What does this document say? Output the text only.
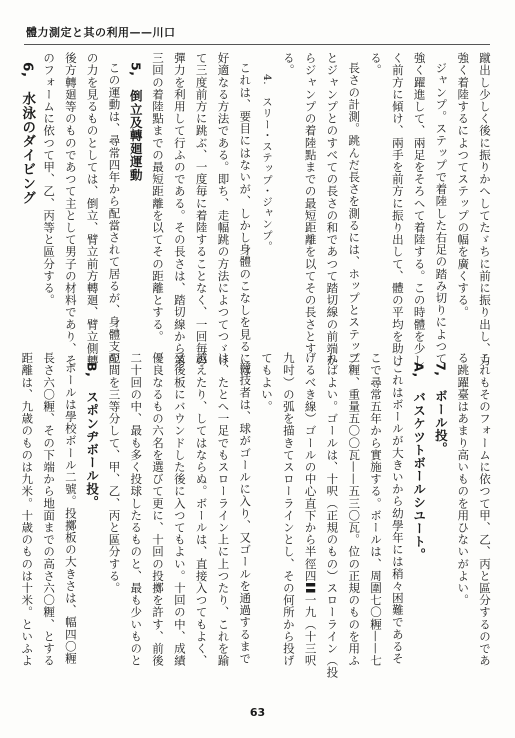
體力測定と其の利用——川口

蹴出し少しく後に振りかへしてたゞちに前に振り出し、力

強く着陸するによつてステップの幅を廣くする。

ジャンプ。ステップで着陸した右足の踏み切りによつて

強く躍進して、兩足をそろへて着陸する。この時體を少し

く前方に傾け、兩手を前方に振り出して、體の平均を助け

る。

長さの計測。跳んだ長さを測るには、ホップとステップ

とジャンプとのすべての長さの和であつて踏切線の前端か

らジャンプの着陸點までの最短距離を以てその長さとす

る。

4.　スリー・ステップ・ジャンプ。

これは、要目にはないが、しかし身體のこなしを見るには

好適なる方法である。即ち、走幅跳の方法によつてつゞけ

て三度前方に跳ぶ、一度毎に着陸することなく、一回毎の

彈力を利用して行ふのである。その長さは、踏切線から第

三回の着陸點までの最短距離を以てその距離とする。

5,　倒立及轉廻運動

この運動は、尋常四年から配當されて居るが、身體支配

の力を見るものとしては、倒立、臂立前方轉廻、臂立側轉

後方轉廻等のものであつて主として男子の材料であり、そ

のフォームに依つて甲、乙、丙等と區分する。

6,　水泳のダイビング

これもそのフォームに依つて甲、乙、丙と區分するのであ

る跳躍臺はあまり高いものを用ひないがよい。

7,　ボール投。

A,　バスケツトボールシユート。

これはボールが大きいから幼學年には稍々困難であるそ

こで尋常五年から實施する。ボールは、周圍七〇糎——七

二糎、重量五〇〇瓦——五三〇瓦。位の正規のものを用ふ

ればよい。ゴールは、十呎（正規のもの）スローライン（投

げるべき線）ゴールの中心直下から半徑四〓一九（十三呎

九吋）の弧を描きてスローラインとし、その何所から投げ

てもよい。

競技者は、球がゴールに入り、又ゴールを通過するまで

は、たとへ一足でもスローライン上に上つたり、これを踰

越えたり、してはならぬ。ボールは、直接入つてもよく、

又後板にバウンドした後に入つてもよい。十回の中、成績

優良なるもの六名を選びて更に、十回の投擲を許す、前後

二十回の中、最も多く投球したるものと、最も少いものと

の間を三等分して、甲、乙、丙と區分する。

B,　スポンヂボール投。

ボールは學校ボール二號。投擲板の大きさは、幅四〇糎

長さ六〇糎、その下端から地面までの高さ六〇糎、とする

距離は、九歳のものは九米。十歳のものは十米。といふよ

63
